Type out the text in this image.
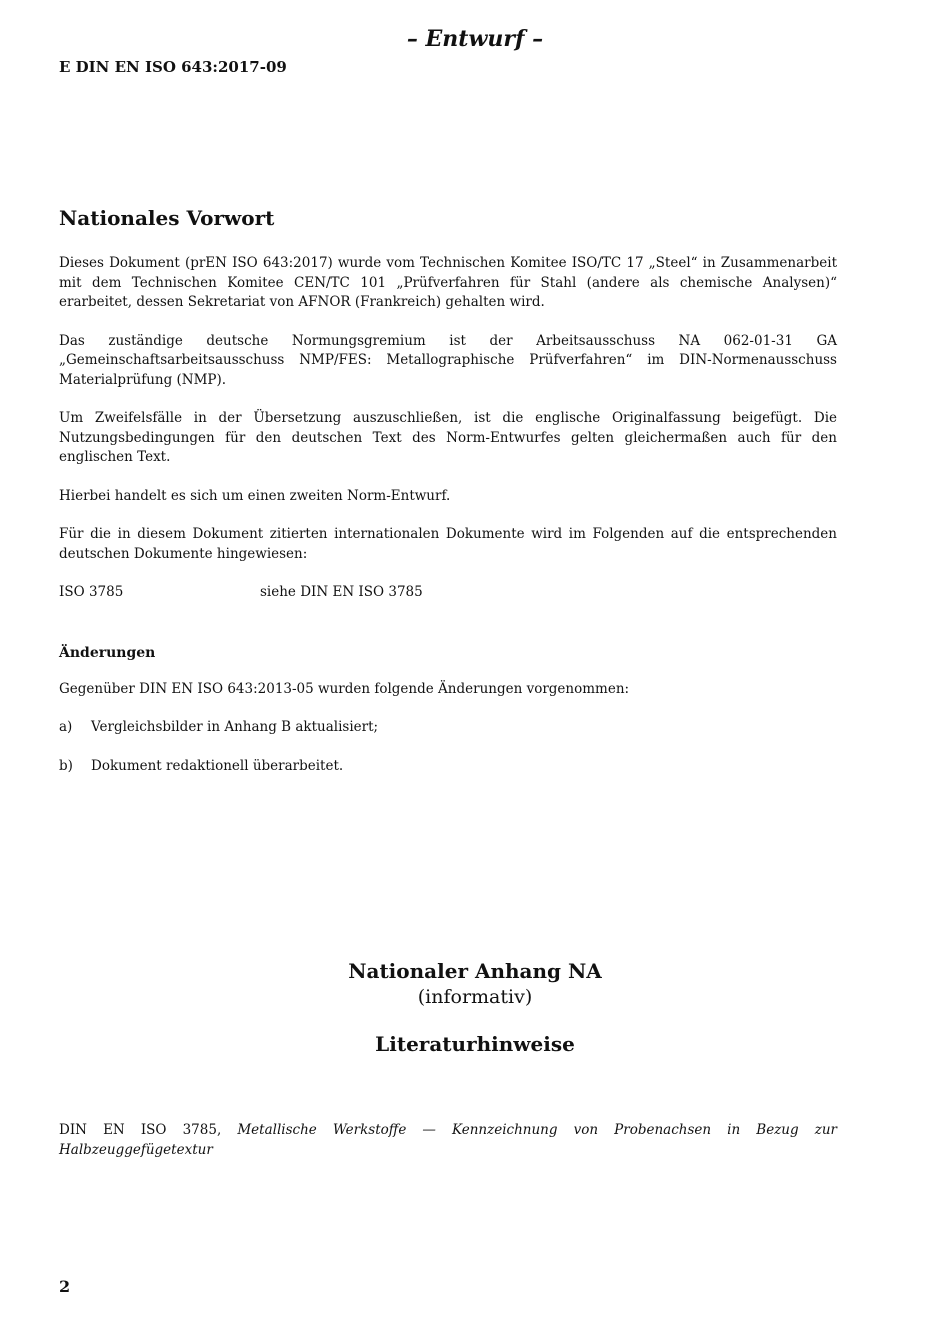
– Entwurf –
E DIN EN ISO 643:2017-09
Nationales Vorwort

Dieses Dokument (prEN ISO 643:2017) wurde vom Technischen Komitee ISO/TC 17 „Steel“ in Zusammenarbeit mit dem Technischen Komitee CEN/TC 101 „Prüfverfahren für Stahl (andere als chemische Analysen)“ erarbeitet, dessen Sekretariat von AFNOR (Frankreich) gehalten wird.

Das zuständige deutsche Normungsgremium ist der Arbeitsausschuss NA 062-01-31 GA „Gemeinschaftsarbeitsausschuss NMP/FES: Metallographische Prüfverfahren“ im DIN-Normenausschuss Materialprüfung (NMP).

Um Zweifelsfälle in der Übersetzung auszuschließen, ist die englische Originalfassung beigefügt. Die Nutzungsbedingungen für den deutschen Text des Norm-Entwurfes gelten gleichermaßen auch für den englischen Text.

Hierbei handelt es sich um einen zweiten Norm-Entwurf.

Für die in diesem Dokument zitierten internationalen Dokumente wird im Folgenden auf die entsprechenden deutschen Dokumente hingewiesen:

ISO 3785	siehe DIN EN ISO 3785
Änderungen

Gegenüber DIN EN ISO 643:2013-05 wurden folgende Änderungen vorgenommen:

a)	Vergleichsbilder in Anhang B aktualisiert;
b)	Dokument redaktionell überarbeitet.
Nationaler Anhang NA
(informativ)
Literaturhinweise
DIN EN ISO 3785, Metallische Werkstoffe — Kennzeichnung von Probenachsen in Bezug zur Halbzeuggefügetextur
2
